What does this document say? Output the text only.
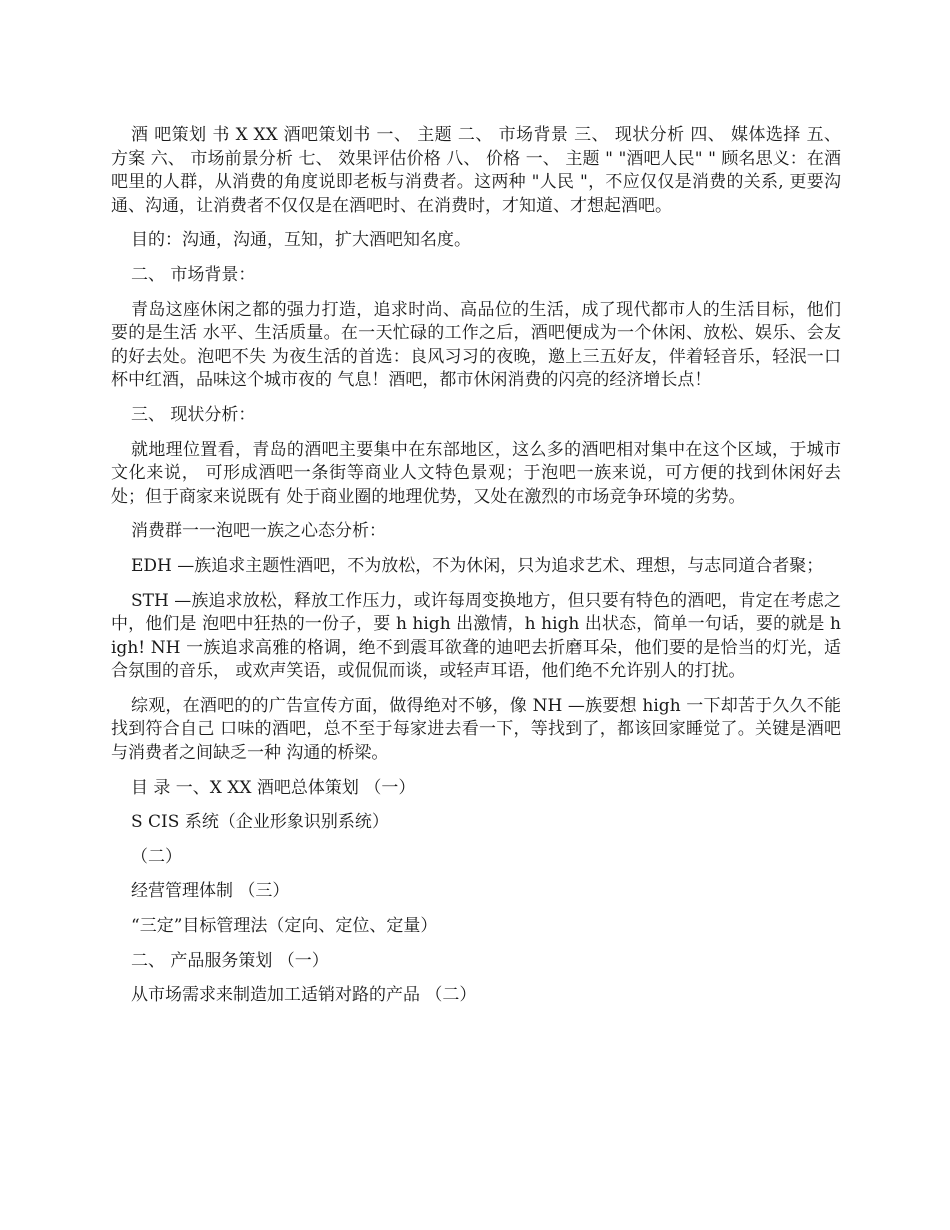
酒 吧策划 书 X XX 酒吧策划书 一、 主题 二、 市场背景 三、 现状分析 四、 媒体选择 五、 方案 六、 市场前景分析 七、 效果评估价格 八、 价格 一、 主题 " "酒吧人民" " 顾名思义：在酒吧里的人群，从消费的角度说即老板与消费者。这两种 "人民 "，不应仅仅是消费的关系, 更要沟通、沟通，让消费者不仅仅是在酒吧时、在消费时，才知道、才想起酒吧。

目的：沟通，沟通，互知，扩大酒吧知名度。

二、 市场背景：

青岛这座休闲之都的强力打造，追求时尚、高品位的生活，成了现代都市人的生活目标，他们要的是生活 水平、生活质量。在一天忙碌的工作之后，酒吧便成为一个休闲、放松、娱乐、会友的好去处。泡吧不失 为夜生活的首选：良风习习的夜晚，邀上三五好友，伴着轻音乐，轻泯一口杯中红酒，品味这个城市夜的 气息！酒吧，都市休闲消费的闪亮的经济增长点！

三、 现状分析：

就地理位置看，青岛的酒吧主要集中在东部地区，这么多的酒吧相对集中在这个区域，于城市文化来说， 可形成酒吧一条街等商业人文特色景观；于泡吧一族来说，可方便的找到休闲好去处；但于商家来说既有 处于商业圈的地理优势，又处在激烈的市场竞争环境的劣势。

消费群一一泡吧一族之心态分析：

EDH —族追求主题性酒吧，不为放松，不为休闲，只为追求艺术、理想，与志同道合者聚；

STH —族追求放松，释放工作压力，或许每周变换地方，但只要有特色的酒吧，肯定在考虑之中，他们是 泡吧中狂热的一份子，要 h high 出激情，h high 出状态，简单一句话，要的就是 high! NH 一族追求高雅的格调，绝不到震耳欲聋的迪吧去折磨耳朵，他们要的是恰当的灯光，适合氛围的音乐， 或欢声笑语，或侃侃而谈，或轻声耳语，他们绝不允许别人的打扰。

综观，在酒吧的的广告宣传方面，做得绝对不够，像 NH —族要想 high 一下却苦于久久不能找到符合自己 口味的酒吧，总不至于每家进去看一下，等找到了，都该回家睡觉了。关键是酒吧与消费者之间缺乏一种 沟通的桥梁。

目 录 一、X XX 酒吧总体策划 （一）

S CIS 系统（企业形象识别系统）

（二）

经营管理体制 （三）

“三定”目标管理法（定向、定位、定量）

二、 产品服务策划 （一）

从市场需求来制造加工适销对路的产品 （二）
